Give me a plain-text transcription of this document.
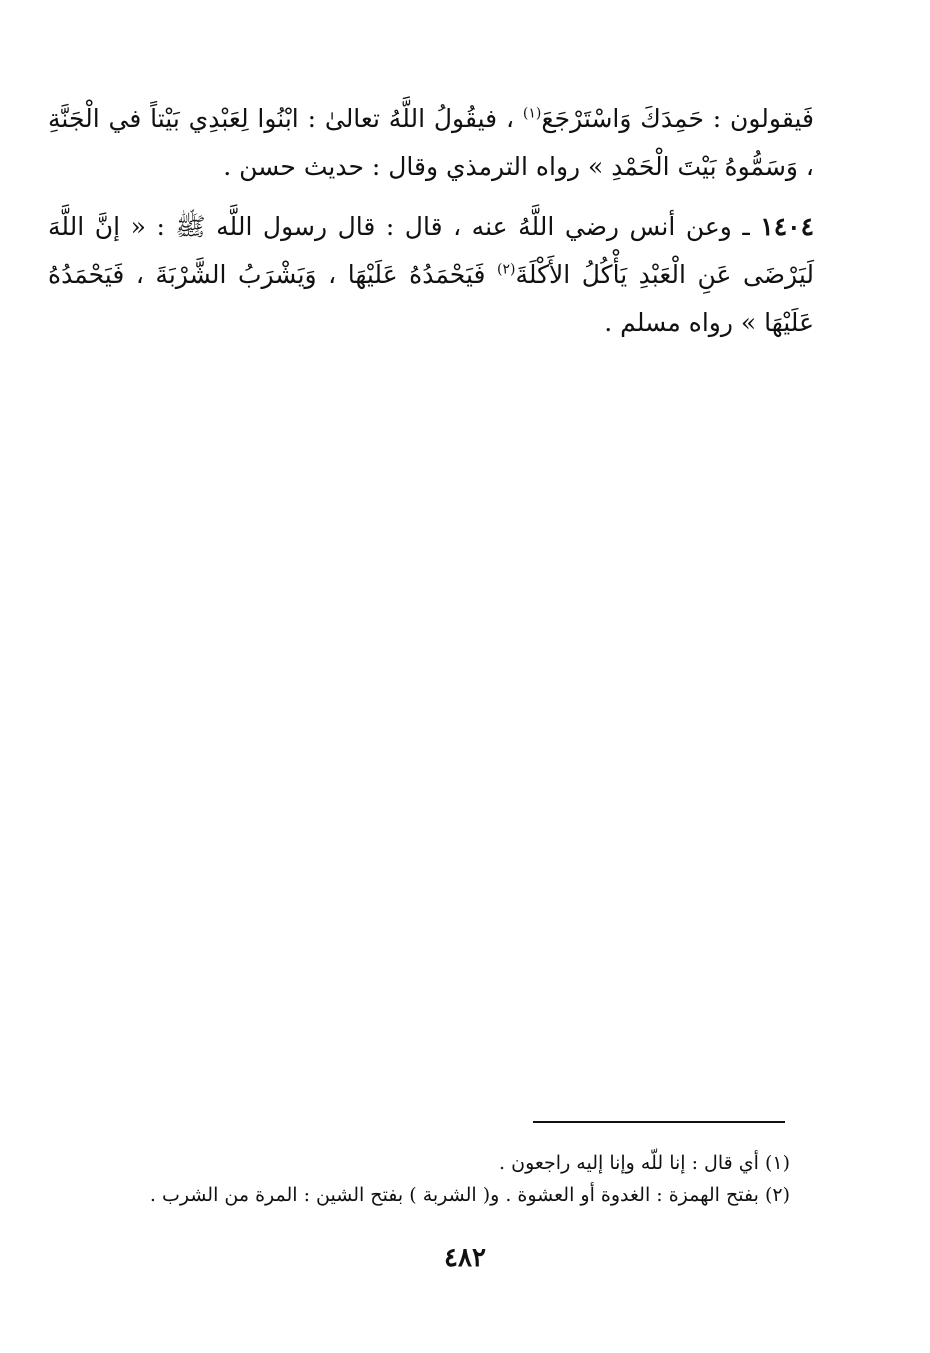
فَيقولون : حَمِدَكَ وَاسْتَرْجَعَ$^{(١)}$ ، فيقُولُ اللَّهُ تعالىٰ : ابْنُوا لِعَبْدِي بَيْتاً في الْجَنَّةِ ، وَسَمُّوهُ بَيْتَ الْحَمْدِ » رواه الترمذي وقال : حديث حسن .

١٤٠٤ ـ وعن أنس رضي اللَّهُ عنه ، قال : قال رسول اللَّه ﷺ : « إنَّ اللَّهَ لَيَرْضَى عَنِ الْعَبْدِ يَأْكُلُ الأَكْلَةَ$^{(٢)}$ فَيَحْمَدُهُ عَلَيْهَا ، وَيَشْرَبُ الشَّرْبَةَ ، فَيَحْمَدُهُ عَلَيْهَا » رواه مسلم .

(١) أي قال : إنا للّه وإنا إليه راجعون .
(٢) بفتح الهمزة : الغدوة أو العشوة . و( الشربة ) بفتح الشين : المرة من الشرب .
٤٨٢
